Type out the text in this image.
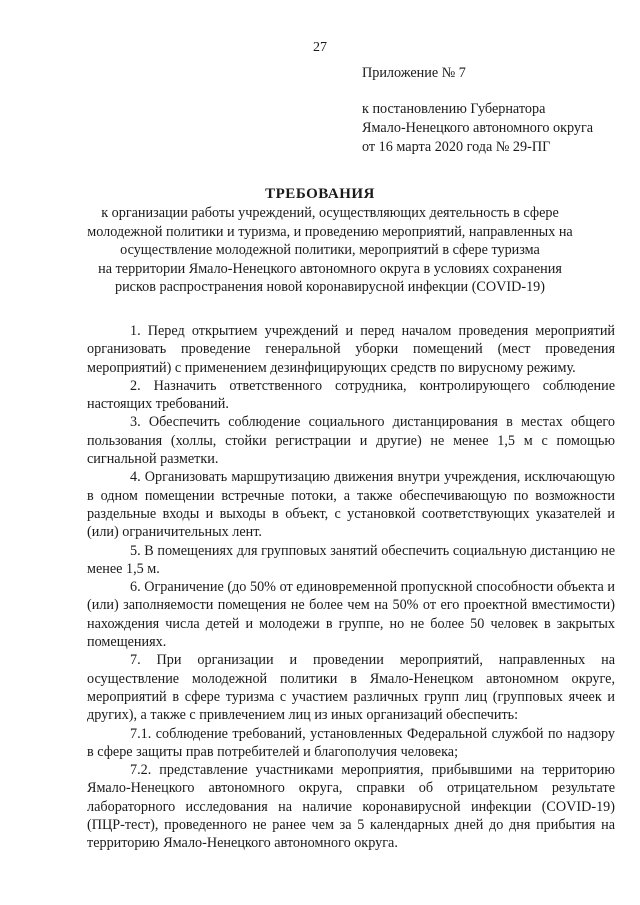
27

Приложение № 7

к постановлению Губернатора

Ямало-Ненецкого автономного округа

от 16 марта 2020 года № 29-ПГ

ТРЕБОВАНИЯ
к организации работы учреждений, осуществляющих деятельность в сфере
молодежной политики и туризма, и проведению мероприятий, направленных на
осуществление молодежной политики, мероприятий в сфере туризма
на территории Ямало-Ненецкого автономного округа в условиях сохранения
рисков распространения новой коронавирусной инфекции (COVID-19)

1. Перед открытием учреждений и перед началом проведения мероприятий организовать проведение генеральной уборки помещений (мест проведения мероприятий) с применением дезинфицирующих средств по вирусному режиму.

2. Назначить ответственного сотрудника, контролирующего соблюдение настоящих требований.

3. Обеспечить соблюдение социального дистанцирования в местах общего пользования (холлы, стойки регистрации и другие) не менее 1,5 м с помощью сигнальной разметки.

4. Организовать маршрутизацию движения внутри учреждения, исключающую в одном помещении встречные потоки, а также обеспечивающую по возможности раздельные входы и выходы в объект, с установкой соответствующих указателей и (или) ограничительных лент.

5. В помещениях для групповых занятий обеспечить социальную дистанцию не менее 1,5 м.

6. Ограничение (до 50% от единовременной пропускной способности объекта и (или) заполняемости помещения не более чем на 50% от его проектной вместимости) нахождения числа детей и молодежи в группе, но не более 50 человек в закрытых помещениях.

7. При организации и проведении мероприятий, направленных на осуществление молодежной политики в Ямало-Ненецком автономном округе, мероприятий в сфере туризма с участием различных групп лиц (групповых ячеек и других), а также с привлечением лиц из иных организаций обеспечить:

7.1. соблюдение требований, установленных Федеральной службой по надзору в сфере защиты прав потребителей и благополучия человека;

7.2. представление участниками мероприятия, прибывшими на территорию Ямало-Ненецкого автономного округа, справки об отрицательном результате лабораторного исследования на наличие коронавирусной инфекции (COVID-19) (ПЦР-тест), проведенного не ранее чем за 5 календарных дней до дня прибытия на территорию Ямало-Ненецкого автономного округа.
